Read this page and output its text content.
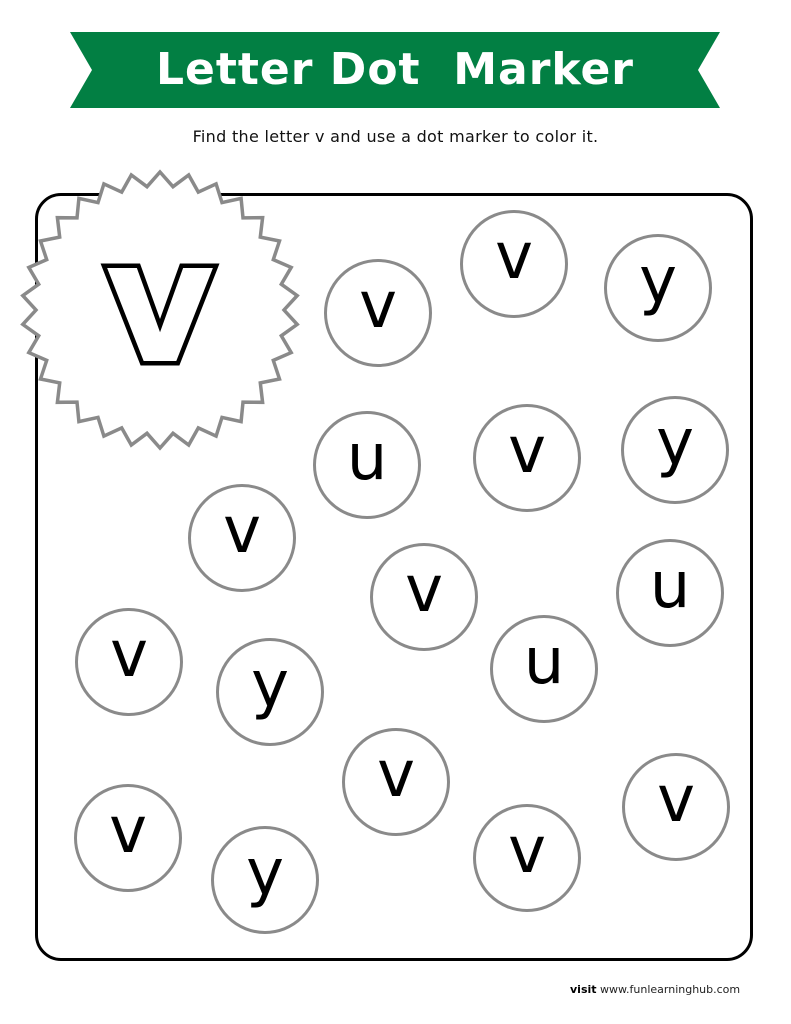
Letter Dot  Marker
Find the letter v and use a dot marker to color it.
v	v
v y
u v y
v
v	u
v	u
y
v	v
v
y	v
visit www.funlearninghub.com
